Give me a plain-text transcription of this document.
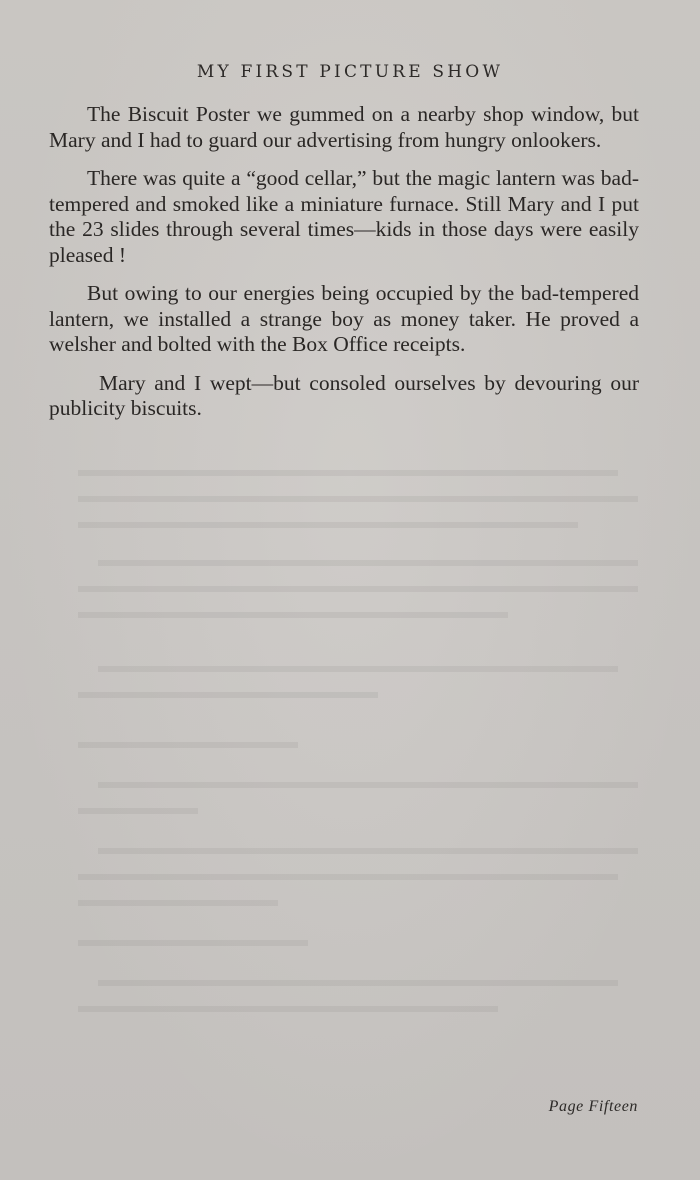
MY FIRST PICTURE SHOW

The Biscuit Poster we gummed on a nearby shop window, but Mary and I had to guard our advertising from hungry onlookers.

There was quite a “good cellar,” but the magic lantern was bad-tempered and smoked like a miniature furnace. Still Mary and I put the 23 slides through several times—kids in those days were easily pleased !

But owing to our energies being occupied by the bad-tempered lantern, we installed a strange boy as money taker. He proved a welsher and bolted with the Box Office receipts.

Mary and I wept—but consoled ourselves by devouring our publicity biscuits.

Page Fifteen
